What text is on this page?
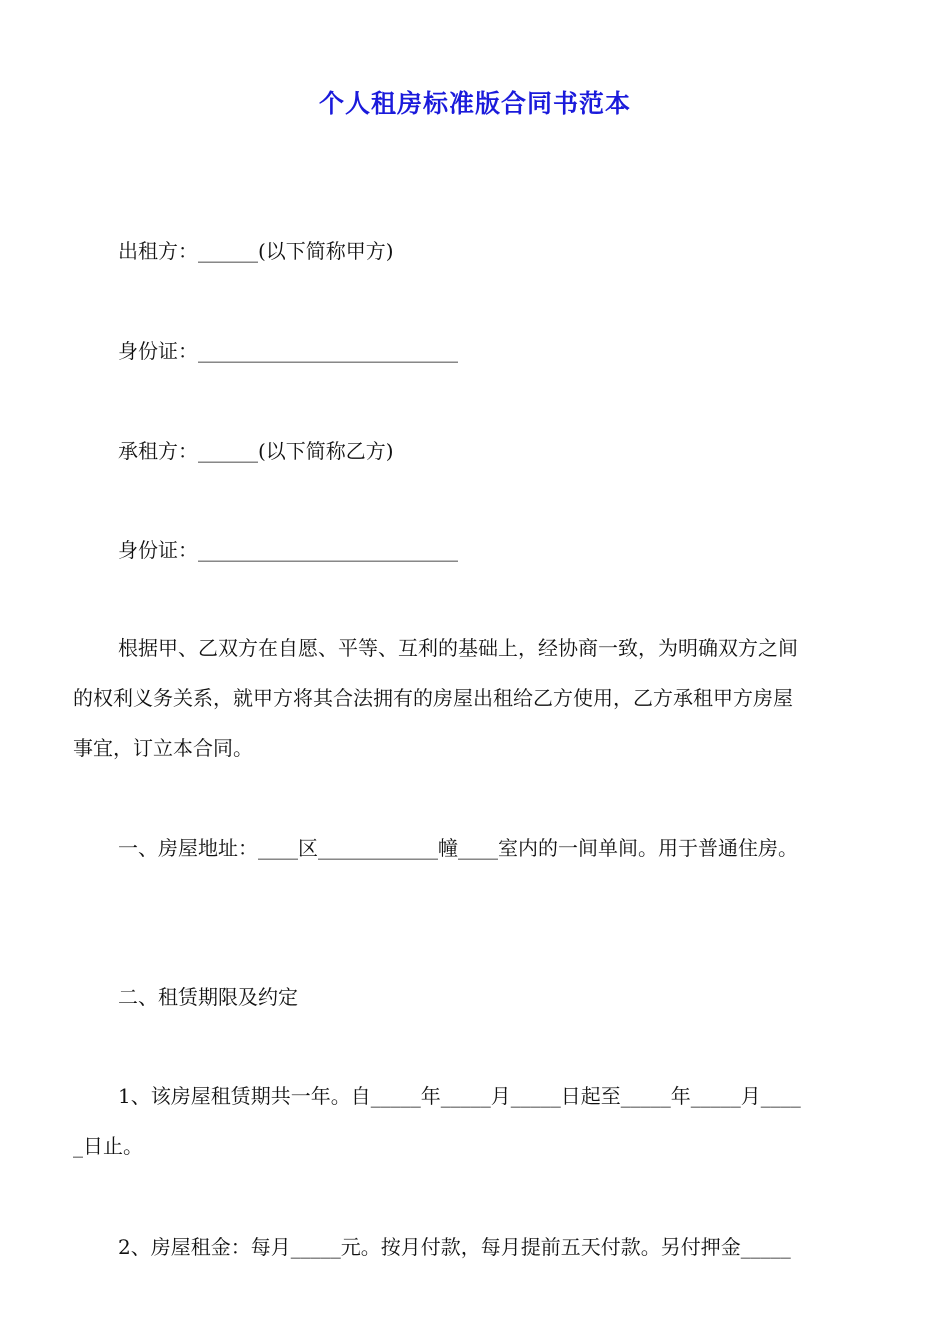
个人租房标准版合同书范本
出租方：______(以下简称甲方)
身份证：__________________________
承租方：______(以下简称乙方)
身份证：__________________________

根据甲、乙双方在自愿、平等、互利的基础上，经协商一致，为明确双方之间

的权利义务关系，就甲方将其合法拥有的房屋出租给乙方使用，乙方承租甲方房屋

事宜，订立本合同。

一、房屋地址：____区____________幢____室内的一间单间。用于普通住房。
二、租赁期限及约定

1、该房屋租赁期共一年。自_____年_____月_____日起至_____年_____月____

_日止。

2、房屋租金：每月_____元。按月付款，每月提前五天付款。另付押金_____
